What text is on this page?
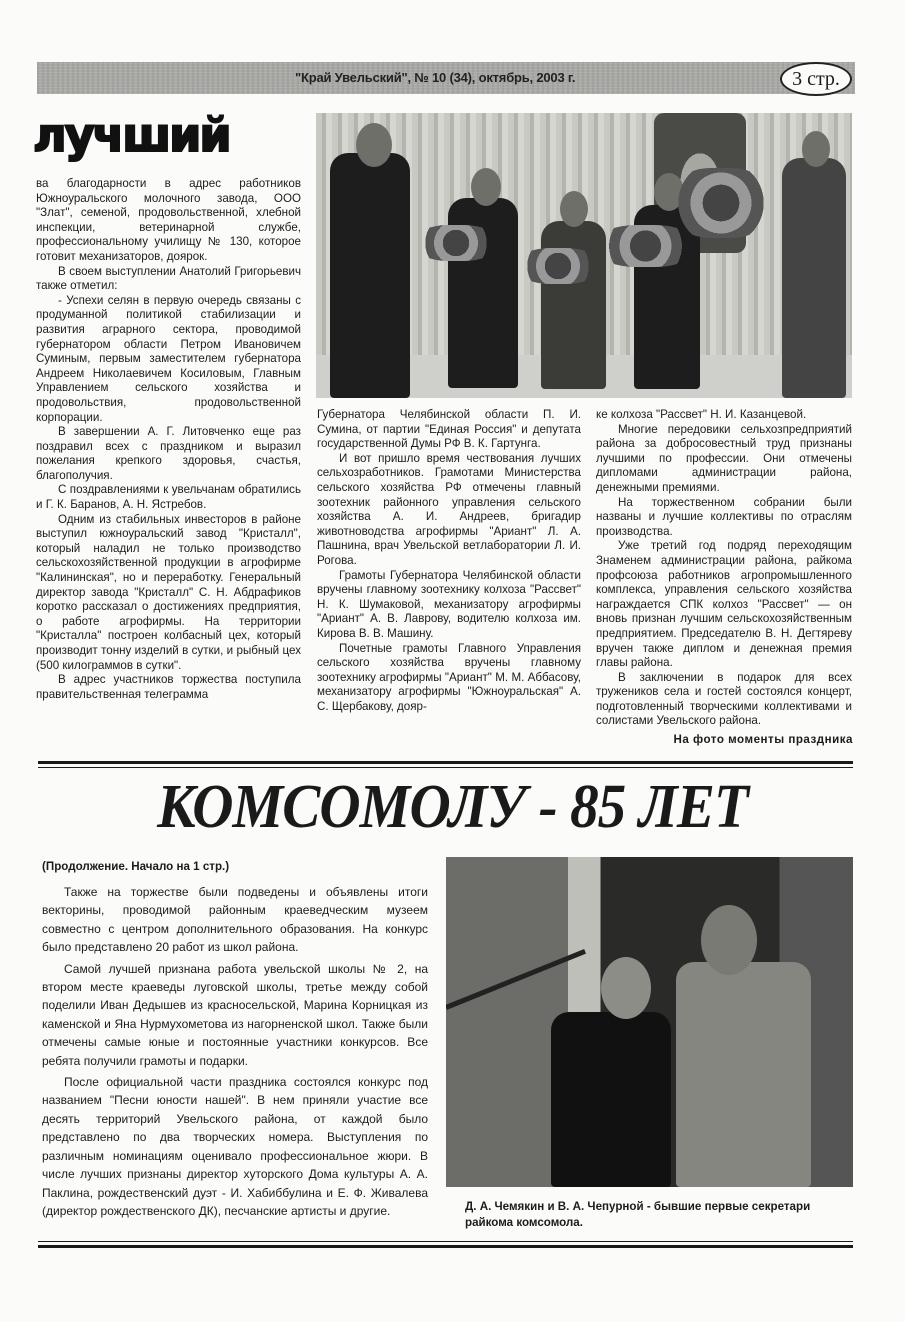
"Край Увельский", № 10 (34), октябрь, 2003 г.	3 стр.
лучший

ва благодарности в адрес работников Южноуральского молочного завода, ООО "Злат", семеной, продовольственной, хлебной инспекции, ветеринарной службе, профессиональному училищу № 130, которое готовит механизаторов, доярок.

В своем выступлении Анатолий Григорьевич также отметил:

- Успехи селян в первую очередь связаны с продуманной политикой стабилизации и развития аграрного сектора, проводимой губернатором области Петром Ивановичем Суминым, первым заместителем губернатора Андреем Николаевичем Косиловым, Главным Управлением сельского хозяйства и продовольствия, продовольственной корпорации.

В завершении А. Г. Литовченко еще раз поздравил всех с праздником и выразил пожелания крепкого здоровья, счастья, благополучия.

С поздравлениями к увельчанам обратились и Г. К. Баранов, А. Н. Ястребов.

Одним из стабильных инвесторов в районе выступил южноуральский завод "Кристалл", который наладил не только производство сельскохозяйственной продукции в агрофирме "Калининская", но и переработку. Генеральный директор завода "Кристалл" С. Н. Абдрафиков коротко рассказал о достижениях предприятия, о работе агрофирмы. На территории "Кристалла" построен колбасный цех, который производит тонну изделий в сутки, и рыбный цех (500 килограммов в сутки".

В адрес участников торжества поступила правительственная телеграмма

Губернатора Челябинской области П. И. Сумина, от партии "Единая Россия" и депутата государственной Думы РФ В. К. Гартунга.

И вот пришло время чествования лучших сельхозработников. Грамотами Министерства сельского хозяйства РФ отмечены главный зоотехник районного управления сельского хозяйства А. И. Андреев, бригадир животноводства агрофирмы "Ариант" Л. А. Пашнина, врач Увельской ветлаборатории Л. И. Рогова.

Грамоты Губернатора Челябинской области вручены главному зоотехнику колхоза "Рассвет" Н. К. Шумаковой, механизатору агрофирмы "Ариант" А. В. Лаврову, водителю колхоза им. Кирова В. В. Машину.

Почетные грамоты Главного Управления сельского хозяйства вручены главному зоотехнику агрофирмы "Ариант" М. М. Аббасову, механизатору агрофирмы "Южноуральская" А. С. Щербакову, дояр-

ке колхоза "Рассвет" Н. И. Казанцевой.

Многие передовики сельхозпредприятий района за добросовестный труд признаны лучшими по профессии. Они отмечены дипломами администрации района, денежными премиями.

На торжественном собрании были названы и лучшие коллективы по отраслям производства.

Уже третий год подряд переходящим Знаменем администрации района, райкома профсоюза работников агропромышленного комплекса, управления сельского хозяйства награждается СПК колхоз "Рассвет" — он вновь признан лучшим сельскохозяйственным предприятием. Председателю В. Н. Дегтяреву вручен также диплом и денежная премия главы района.

В заключении в подарок для всех тружеников села и гостей состоялся концерт, подготовленный творческими коллективами и солистами Увельского района.

На фото моменты праздника
КОМСОМОЛУ - 85 ЛЕТ
(Продолжение. Начало на 1 стр.)

Также на торжестве были подведены и объявлены итоги векторины, проводимой районным краеведческим музеем совместно с центром дополнительного образования. На конкурс было представлено 20 работ из школ района.

Самой лучшей признана работа увельской школы № 2, на втором месте краеведы луговской школы, третье между собой поделили Иван Дедышев из красносельской, Марина Корницкая из каменской и Яна Нурмухометова из нагорненской школ. Также были отмечены самые юные и постоянные участники конкурсов. Все ребята получили грамоты и подарки.

После официальной части праздника состоялся конкурс под названием "Песни юности нашей". В нем приняли участие все десять территорий Увельского района, от каждой было представлено по два творческих номера. Выступления по различным номинациям оценивало профессиональное жюри. В числе лучших признаны директор хуторского Дома культуры А. А. Паклина, рождественский дуэт - И. Хабиббулина и Е. Ф. Живалева (директор рождественского ДК), песчанские артисты и другие.	Д. А. Чемякин и В. А. Чепурной - бывшие первые секретари райкома комсомола.
